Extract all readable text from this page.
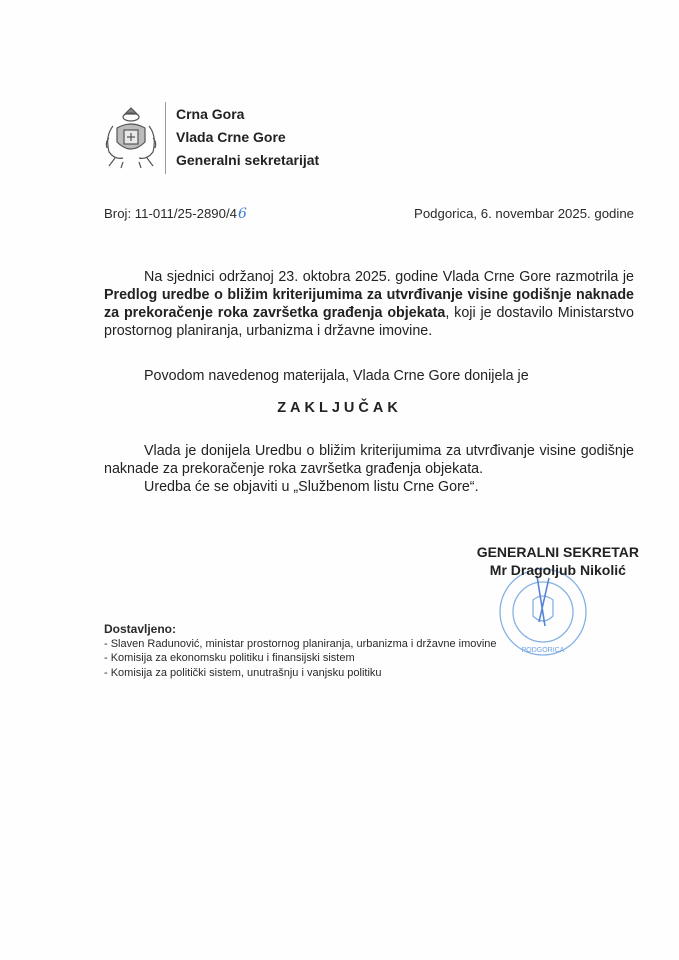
Crna Gora
Vlada Crne Gore
Generalni sekretarijat
Broj: 11-011/25-2890/46	Podgorica, 6. novembar 2025. godine
Na sjednici održanoj 23. oktobra 2025. godine Vlada Crne Gore razmotrila je Predlog uredbe o bližim kriterijumima za utvrđivanje visine godišnje naknade za prekoračenje roka završetka građenja objekata, koji je dostavilo Ministarstvo prostornog planiranja, urbanizma i državne imovine.
Povodom navedenog materijala, Vlada Crne Gore donijela je
ZAKLJUČAK
Vlada je donijela Uredbu o bližim kriterijumima za utvrđivanje visine godišnje naknade za prekoračenje roka završetka građenja objekata.
Uredba će se objaviti u „Službenom listu Crne Gore“.
PODGORICA
GENERALNI SEKRETAR
Mr Dragoljub Nikolić
Dostavljeno:
- Slaven Radunović, ministar prostornog planiranja, urbanizma i državne imovine
- Komisija za ekonomsku politiku i finansijski sistem
- Komisija za politički sistem, unutrašnju i vanjsku politiku
